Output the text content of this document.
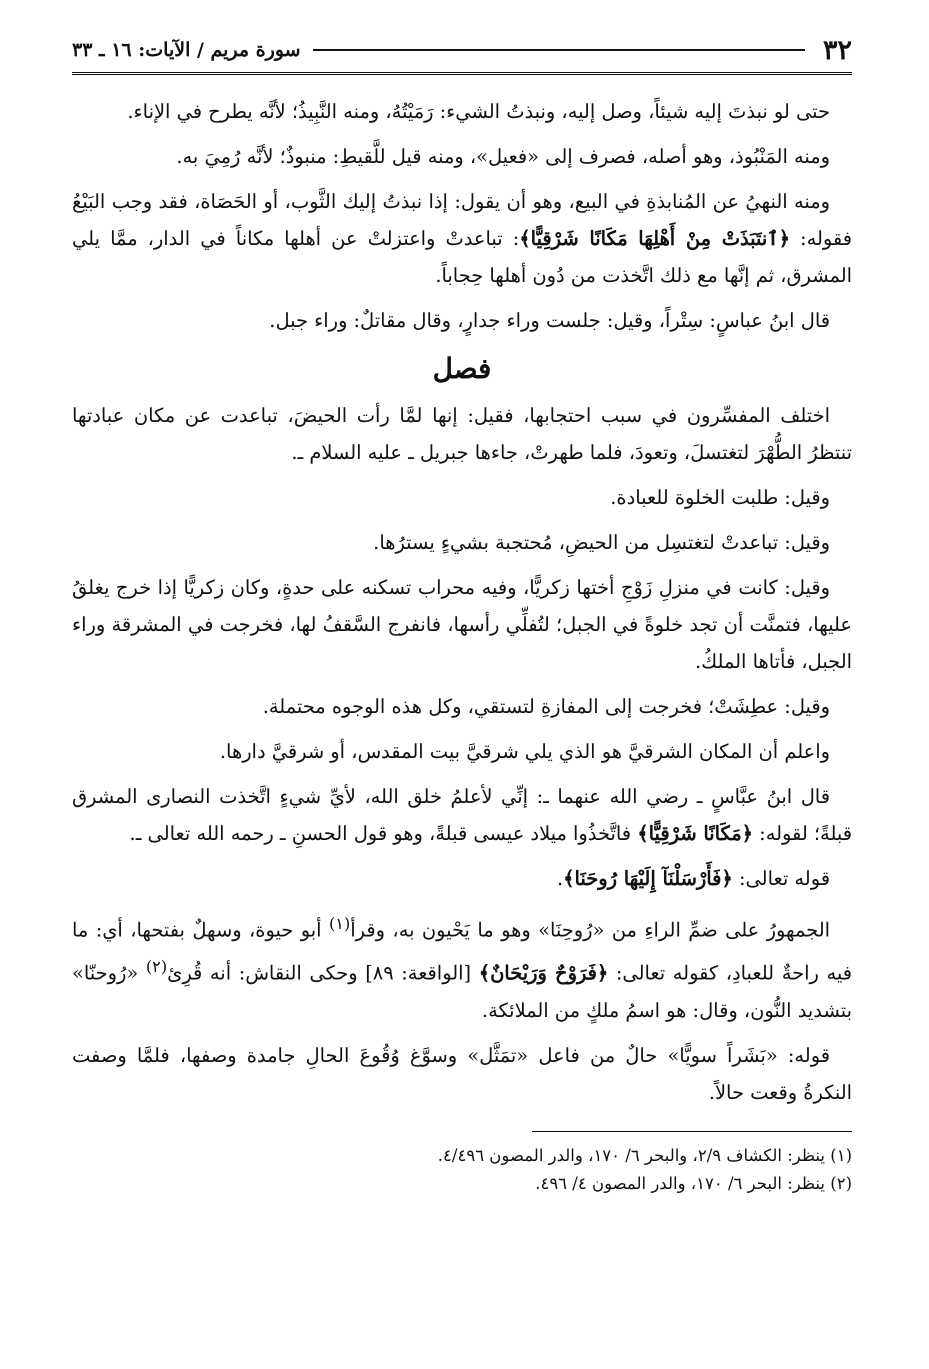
٣٢
سورة مريم / الآيات: ١٦ ـ ٣٣

حتى لو نبذتَ إليه شيئاً، وصل إليه، ونبذتُ الشيء: رَمَيْتُهُ، ومنه النَّبِيذُ؛ لأنَّه يطرح في الإناء.

ومنه المَنْبُوذ، وهو أصله، فصرف إلى «فعيل»، ومنه قيل للَّقيطِ: منبوذٌ؛ لأنَّه رُمِيَ به.

ومنه النهيُ عن المُنابذةِ في البيع، وهو أن يقول: إذا نبذتُ إليك الثَّوب، أو الحَصَاة، فقد وجب البَيْعُ فقوله: ﴿ٱنتَبَذَتْ مِنْ أَهْلِهَا مَكَانًا شَرْقِيًّا﴾: تباعدتْ واعتزلتْ عن أهلها مكاناً في الدار، ممَّا يلي المشرق، ثم إنَّها مع ذلك اتَّخذت من دُون أهلها حِجاباً.

قال ابنُ عباسٍ: سِتْراً، وقيل: جلست وراء جدارٍ، وقال مقاتلٌ: وراء جبل.

فصل

اختلف المفسِّرون في سبب احتجابها، فقيل: إنها لمَّا رأت الحيضَ، تباعدت عن مكان عبادتها تنتظرُ الطُّهْرَ لتغتسلَ، وتعودَ، فلما طهرتْ، جاءها جبريل ـ عليه السلام ـ.

وقيل: طلبت الخلوة للعبادة.

وقيل: تباعدتْ لتغتسِل من الحيضِ، مُحتجبة بشيءٍ يسترُها.

وقيل: كانت في منزلِ زَوْجِ أختها زكريًّا، وفيه محراب تسكنه على حدةٍ، وكان زكريًّا إذا خرج يغلقُ عليها، فتمنَّت أن تجد خلوةً في الجبل؛ لتُفلِّي رأسها، فانفرج السَّقفُ لها، فخرجت في المشرقة وراء الجبل، فأتاها الملكُ.

وقيل: عطِشَتْ؛ فخرجت إلى المفازةِ لتستقي، وكل هذه الوجوه محتملة.

واعلم أن المكان الشرقيَّ هو الذي يلي شرقيَّ بيت المقدس، أو شرقيَّ دارها.

قال ابنُ عبَّاسٍ ـ رضي الله عنهما ـ: إنِّي لأعلمُ خلق الله، لأيِّ شيءٍ اتَّخذت النصارى المشرق قبلةً؛ لقوله: ﴿مَكَانًا شَرْقِيًّا﴾ فاتَّخذُوا ميلاد عيسى قبلةً، وهو قول الحسنِ ـ رحمه الله تعالى ـ.

قوله تعالى: ﴿فَأَرْسَلْنَآ إِلَيْهَا رُوحَنَا﴾.

الجمهورُ على ضمِّ الراءِ من «رُوحِنَا» وهو ما يَحْيون به، وقرأ$^{(١)}$ أبو حيوة، وسهلٌ بفتحها، أي: ما فيه راحةٌ للعبادِ، كقوله تعالى: ﴿فَرَوْحٌ وَرَيْحَانٌ﴾ [الواقعة: ٨٩] وحكى النقاش: أنه قُرِئ$^{(٢)}$ «رُوحنّا» بتشديد النُّون، وقال: هو اسمُ ملكٍ من الملائكة.

قوله: «بَشَراً سويًّا» حالٌ من فاعل «تمَثَّل» وسوَّغ وُقُوعَ الحالِ جامدة وصفها، فلمَّا وصفت النكرةُ وقعت حالاً.

(١) ينظر: الكشاف ٢/٩، والبحر ٦/ ١٧٠، والدر المصون ٤/٤٩٦.

(٢) ينظر: البحر ٦/ ١٧٠، والدر المصون ٤/ ٤٩٦.
